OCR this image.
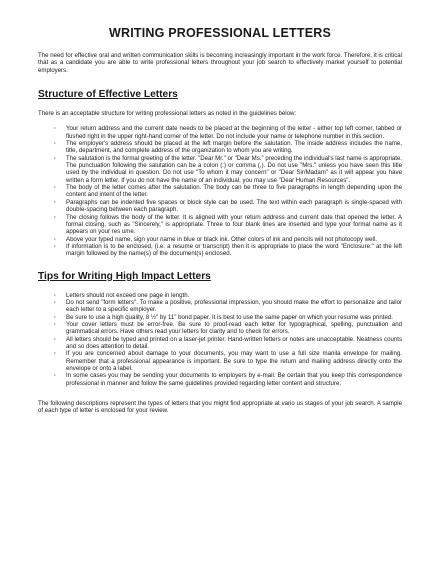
WRITING PROFESSIONAL LETTERS

The need for effective oral and written communication skills is becoming increasingly important in the work force. Therefore, it is critical that as a candidate you are able to write professional letters throughout your job search to effectively market yourself to potential employers.

Structure of Effective Letters

There is an acceptable structure for writing professional letters as noted in the guidelines below:

· Your return address and the current date needs to be placed at the beginning of the letter - either top left corner, tabbed or flushed right in the upper right-hand corner of the letter. Do not include your name or telephone number in this section.
· The employer's address should be placed at the left margin before the salutation. The inside address includes the name, title, department, and complete address of the organization to whom you are writing.
· The salutation is the formal greeting of the letter. "Dear Mr." or "Dear Ms." preceding the individual's last name is appropriate. The punctuation following the salutation can be a colon (:) or comma (,). Do not use "Mrs." unless you have seen this title used by the individual in question. Do not use "To whom it may concern" or "Dear Sir/Madam" as it will appear you have written a form letter. If you do not have the name of an individual, you may use "Dear Human Resources".
· The body of the letter comes after the salutation. The body can be three to five paragraphs in length depending upon the content and intent of the letter.
· Paragraphs can be indented five spaces or block style can be used. The text within each paragraph is single-spaced with double-spacing between each paragraph.
· The closing follows the body of the letter. It is aligned with your return address and current date that opened the letter. A formal closing, such as "Sincerely," is appropriate. Three to four blank lines are inserted and type your formal name as it appears on your res ume.
· Above your typed name, sign your name in blue or black ink. Other colors of ink and pencils will not photocopy well.
· If information is to be enclosed, (i.e. a resume or transcript) then it is appropriate to place the word "Enclosure:" at the left margin followed by the name(s) of the document(s) enclosed.
Tips for Writing High Impact Letters
· Letters should not exceed one page in length.
· Do not send "form letters". To make a positive, professional impression, you should make the effort to personalize and tailor each letter to a specific employer.
· Be sure to use a high quality, 8 ½" by 11" bond paper. It is best to use the same paper on which your resume was printed.
· Your cover letters must be error-free. Be sure to proof-read each letter for typographical, spelling, punctuation and grammatical errors. Have others read your letters for clarity and to check for errors.
· All letters should be typed and printed on a laser-jet printer. Hand-written letters or notes are unacceptable. Neatness counts and so does attention to detail.
· If you are concerned about damage to your documents, you may want to use a full size manila envelope for mailing. Remember that a professional appearance is important. Be sure to type the return and mailing address directly onto the envelope or onto a label.
· In some cases you may be sending your documents to employers by e-mail. Be certain that you keep this correspondence professional in manner and follow the same guidelines provided regarding letter content and structure.

The following descriptions represent the types of letters that you might find appropriate at vario us stages of your job search. A sample of each type of letter is enclosed for your review.
